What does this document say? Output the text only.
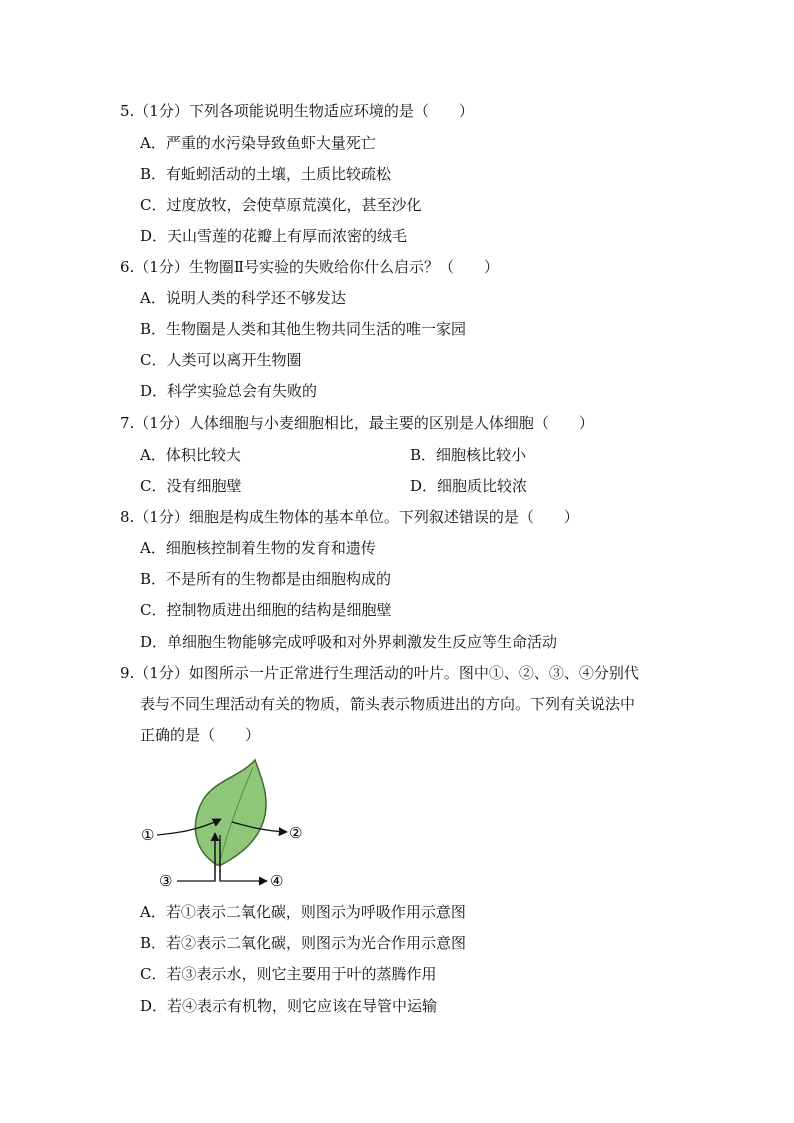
5.（1分）下列各项能说明生物适应环境的是（　　）
A．严重的水污染导致鱼虾大量死亡
B．有蚯蚓活动的土壤，土质比较疏松
C．过度放牧，会使草原荒漠化，甚至沙化
D．天山雪莲的花瓣上有厚而浓密的绒毛
6.（1分）生物圈Ⅱ号实验的失败给你什么启示？（　　）
A．说明人类的科学还不够发达
B．生物圈是人类和其他生物共同生活的唯一家园
C．人类可以离开生物圈
D．科学实验总会有失败的
7.（1分）人体细胞与小麦细胞相比，最主要的区别是人体细胞（　　）
A．体积比较大	B．细胞核比较小
C．没有细胞壁	D．细胞质比较浓
8.（1分）细胞是构成生物体的基本单位。下列叙述错误的是（　　）
A．细胞核控制着生物的发育和遗传
B．不是所有的生物都是由细胞构成的
C．控制物质进出细胞的结构是细胞壁
D．单细胞生物能够完成呼吸和对外界刺激发生反应等生命活动
9.（1分）如图所示一片正常进行生理活动的叶片。图中①、②、③、④分别代
表与不同生理活动有关的物质，箭头表示物质进出的方向。下列有关说法中
正确的是（　　）
①	②
③	④
A．若①表示二氧化碳，则图示为呼吸作用示意图
B．若②表示二氧化碳，则图示为光合作用示意图
C．若③表示水，则它主要用于叶的蒸腾作用
D．若④表示有机物，则它应该在导管中运输
